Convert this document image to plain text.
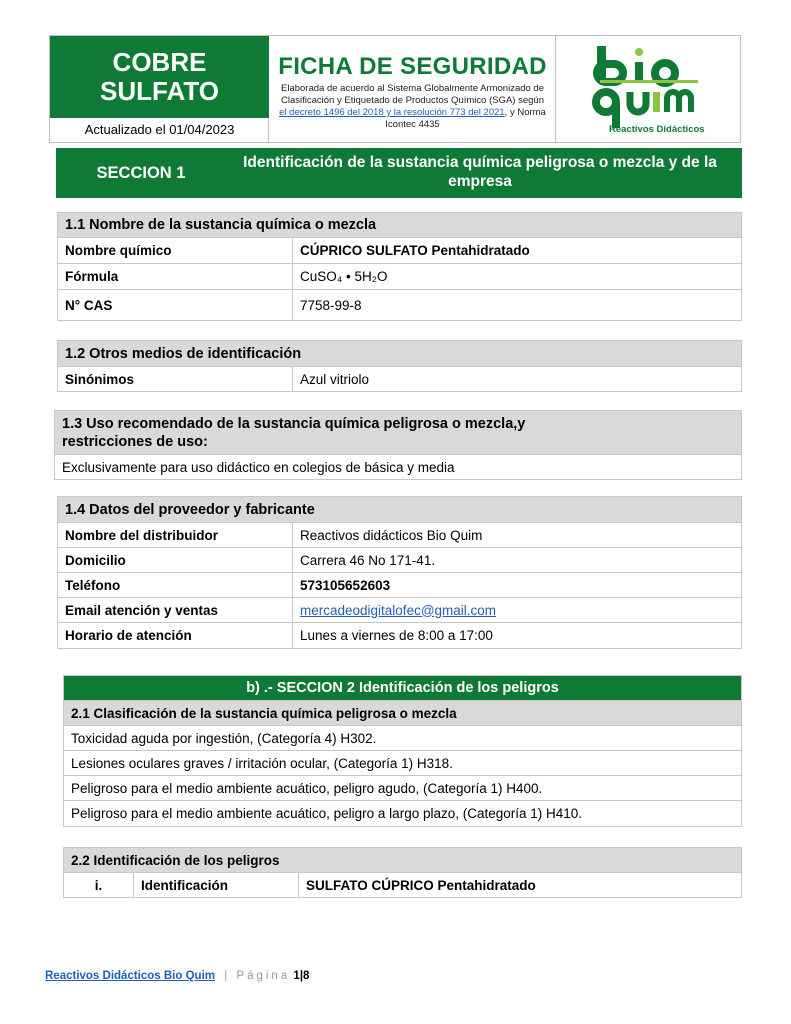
COBRE
SULFATO
Actualizado el 01/04/2023
FICHA DE SEGURIDAD
Elaborada de acuerdo al Sistema Globalmente Armonizado de Clasificación y Etiquetado de Productos Químico (SGA) según el decreto 1496 del 2018 y la resolución 773 del 2021, y Norma Icontec 4435	Reactivos Didácticos
SECCION 1
Identificación de la sustancia química peligrosa o mezcla y de la empresa
1.1 Nombre de la sustancia química o mezcla	
Nombre químico	CÚPRICO SULFATO Pentahidratado
Fórmula	CuSO₄ • 5H₂O
N° CAS	7758-99-8
1.2 Otros medios de identificación
Sinónimos	Azul vitriolo
1.3 Uso recomendado de la sustancia química peligrosa o mezcla,y restricciones de uso:

Exclusivamente para uso didáctico en colegios de básica y media
1.4 Datos del proveedor y fabricante	
Nombre del distribuidor	Reactivos didácticos Bio Quim
Domicilio	Carrera 46 No 171-41.
Teléfono	573105652603
Email atención y ventas	mercadeodigitalofec@gmail.com
Horario de atención	Lunes a viernes de 8:00 a 17:00
b) .- SECCION 2 Identificación de los peligros
2.1 Clasificación de la sustancia química peligrosa o mezcla
Toxicidad aguda por ingestión, (Categoría 4) H302.
Lesiones oculares graves / irritación ocular, (Categoría 1) H318.
Peligroso para el medio ambiente acuático, peligro agudo, (Categoría 1) H400.
Peligroso para el medio ambiente acuático, peligro a largo plazo, (Categoría 1) H410.
2.2 Identificación de los peligros
i.	Identificación	SULFATO CÚPRICO Pentahidratado
Reactivos Didácticos Bio Quim | Página 1|8
